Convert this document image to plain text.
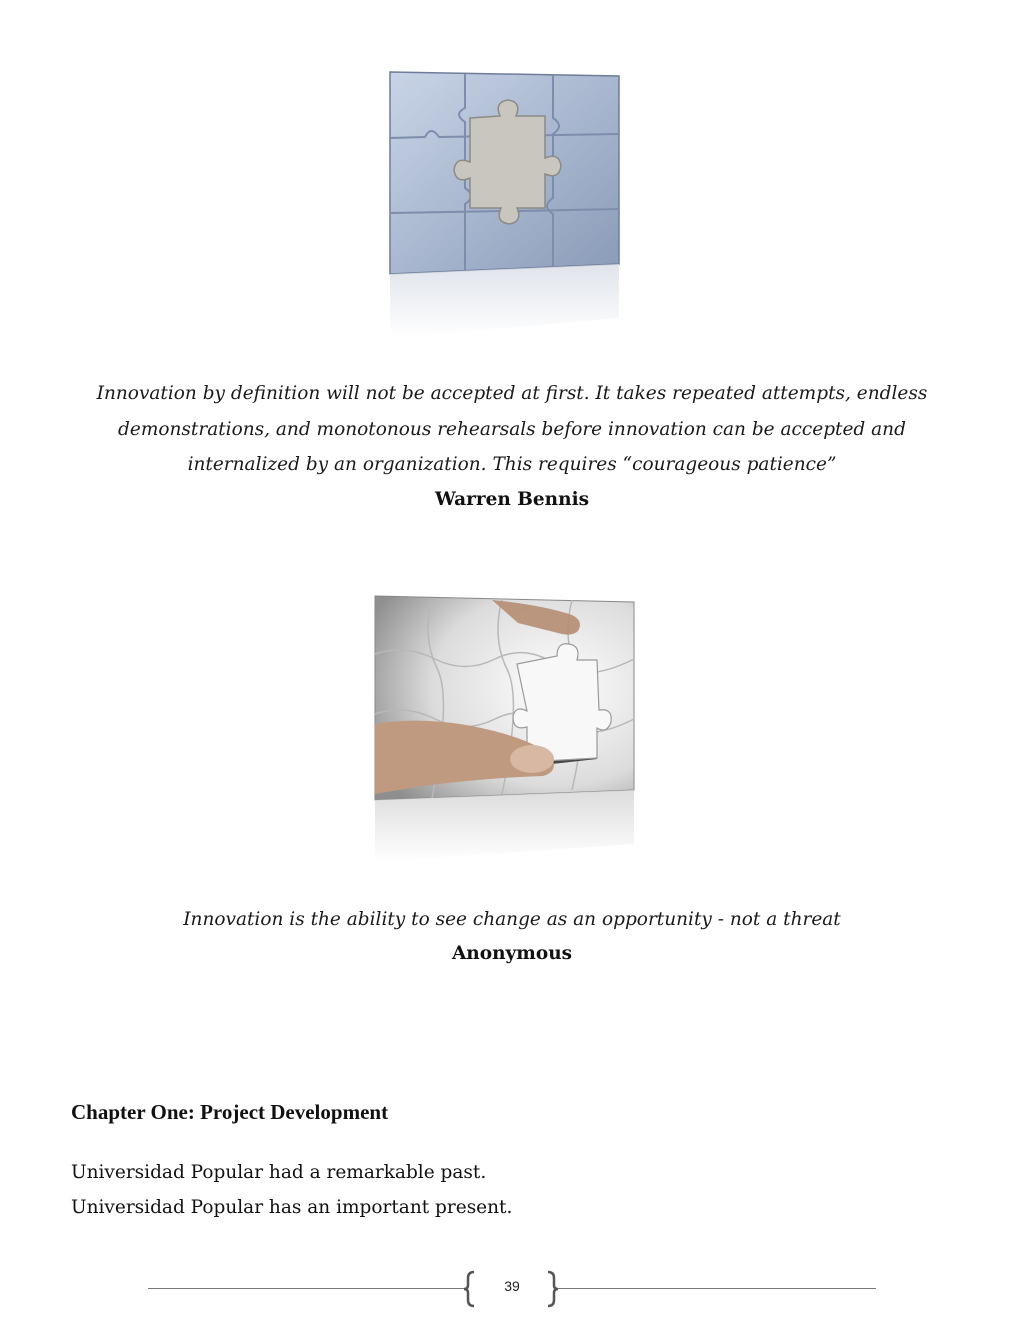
Innovation by definition will not be accepted at first. It takes repeated attempts, endless
demonstrations, and monotonous rehearsals before innovation can be accepted and
internalized by an organization. This requires “courageous patience”
Warren Bennis
Innovation is the ability to see change as an opportunity - not a threat
Anonymous
Chapter One: Project Development
Universidad Popular had a remarkable past.
Universidad Popular has an important present.
39
